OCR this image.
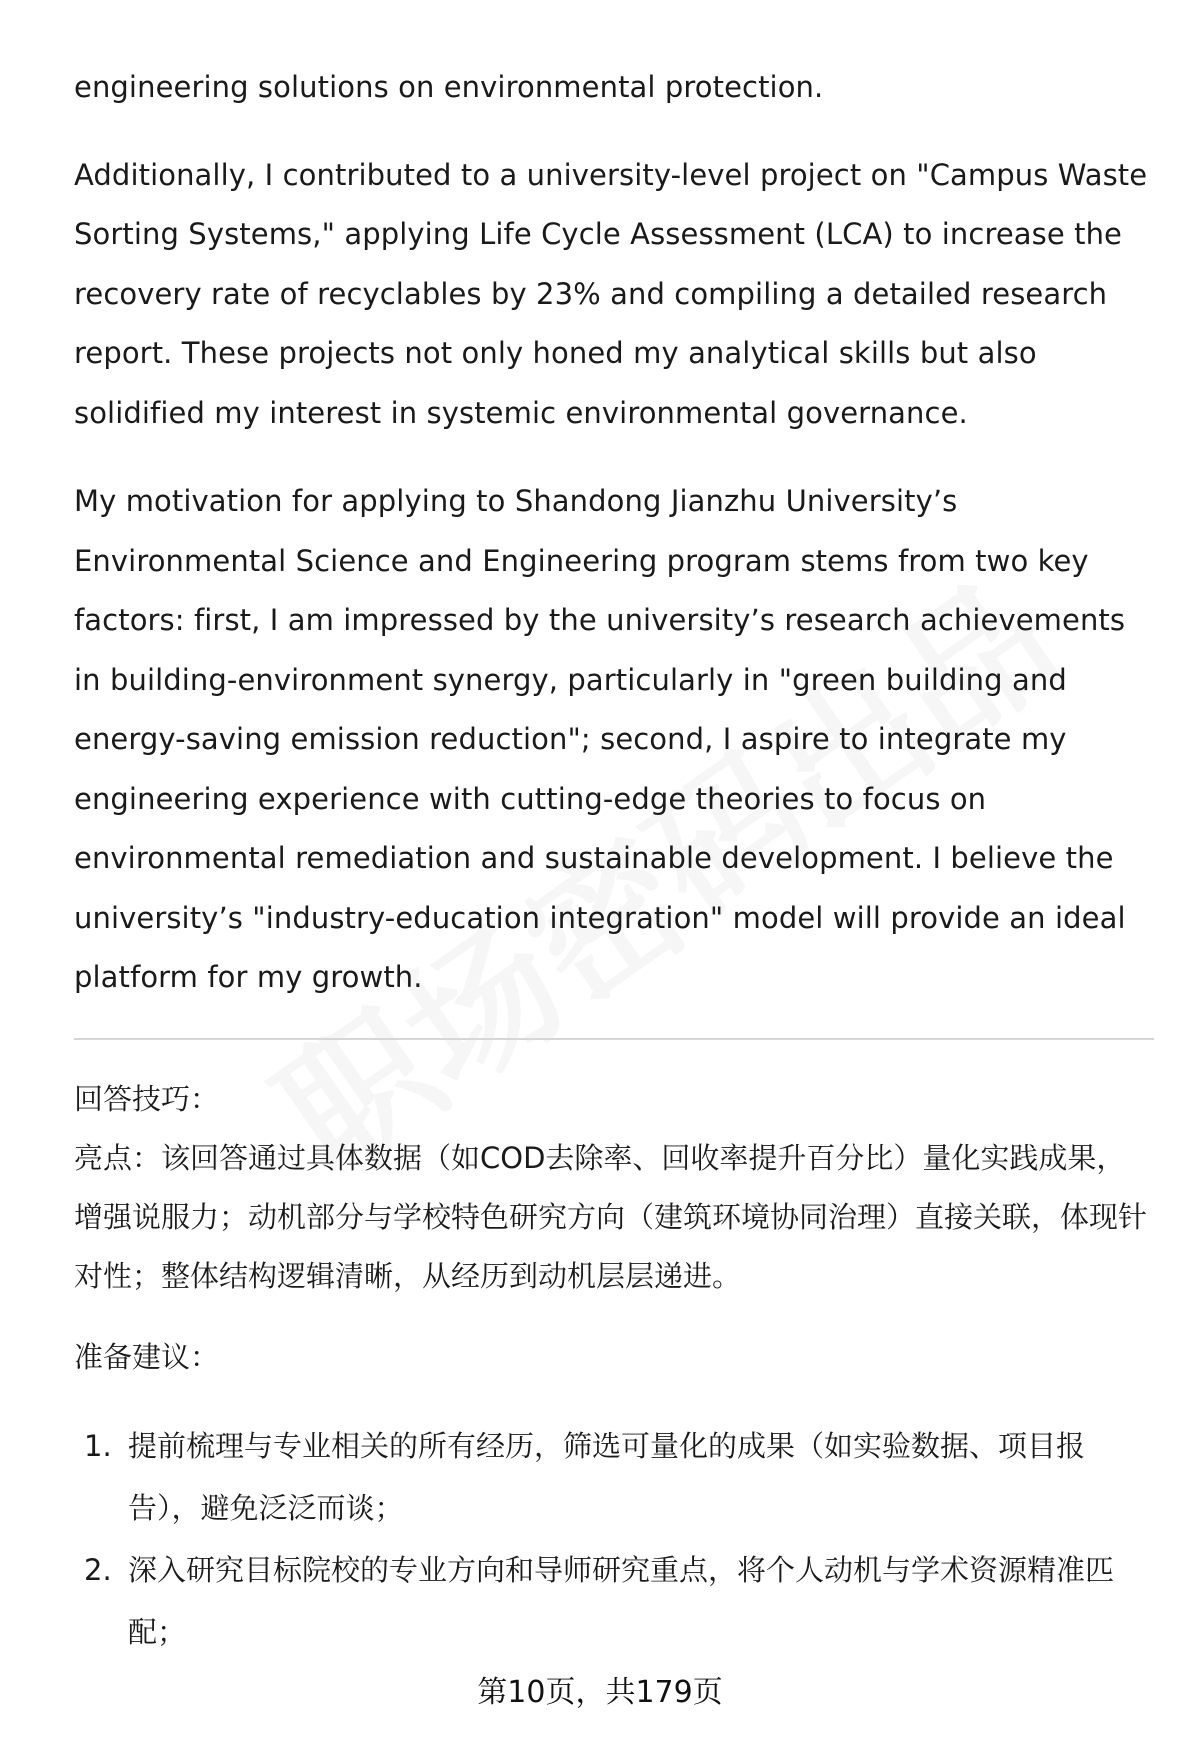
engineering solutions on environmental protection.

Additionally, I contributed to a university-level project on "Campus Waste Sorting Systems," applying Life Cycle Assessment (LCA) to increase the recovery rate of recyclables by 23% and compiling a detailed research report. These projects not only honed my analytical skills but also solidified my interest in systemic environmental governance.

My motivation for applying to Shandong Jianzhu University’s Environmental Science and Engineering program stems from two key factors: first, I am impressed by the university’s research achievements in building-environment synergy, particularly in "green building and energy-saving emission reduction"; second, I aspire to integrate my engineering experience with cutting-edge theories to focus on environmental remediation and sustainable development. I believe the university’s "industry-education integration" model will provide an ideal platform for my growth.

回答技巧：

亮点：该回答通过具体数据（如COD去除率、回收率提升百分比）量化实践成果，增强说服力；动机部分与学校特色研究方向（建筑环境协同治理）直接关联，体现针对性；整体结构逻辑清晰，从经历到动机层层递进。

准备建议：

1. 提前梳理与专业相关的所有经历，筛选可量化的成果（如实验数据、项目报告），避免泛泛而谈；
2. 深入研究目标院校的专业方向和导师研究重点，将个人动机与学术资源精准匹配；
第10页，共179页
